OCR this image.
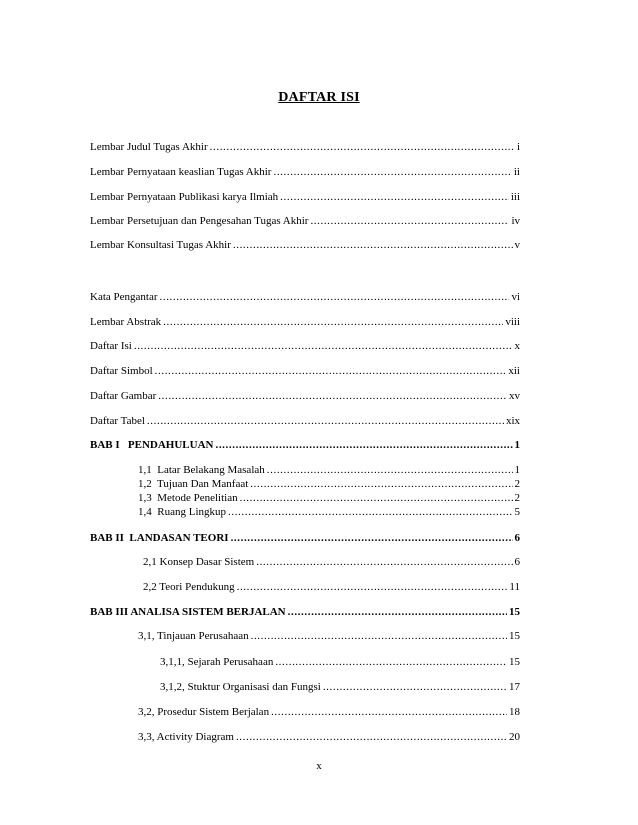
DAFTAR ISI
Lembar Judul Tugas Akhir .....	i
Lembar Pernyataan keaslian Tugas Akhir .....	ii
Lembar Pernyataan Publikasi karya Ilmiah .....	iii
Lembar Persetujuan dan Pengesahan Tugas Akhir .....	iv
Lembar Konsultasi Tugas Akhir .....	v
Kata Pengantar .....	vi
Lembar Abstrak .....	viii
Daftar Isi .....	x
Daftar Simbol .....	xii
Daftar Gambar .....	xv
Daftar Tabel .....	xix
BAB I   PENDAHULUAN .....	1
1,1  Latar Belakang Masalah .....	1
1,2  Tujuan Dan Manfaat .....	2
1,3  Metode Penelitian .....	2
1,4  Ruang Lingkup .....	5
BAB II  LANDASAN TEORI .....	6
2,1 Konsep Dasar Sistem .....	6
2,2 Teori Pendukung .....	11
BAB III ANALISA SISTEM BERJALAN .....	15
3,1, Tinjauan Perusahaan .....	15
3,1,1, Sejarah Perusahaan .....	15
3,1,2, Stuktur Organisasi dan Fungsi .....	17
3,2, Prosedur Sistem Berjalan .....	18
3,3, Activity Diagram .....	20
x
